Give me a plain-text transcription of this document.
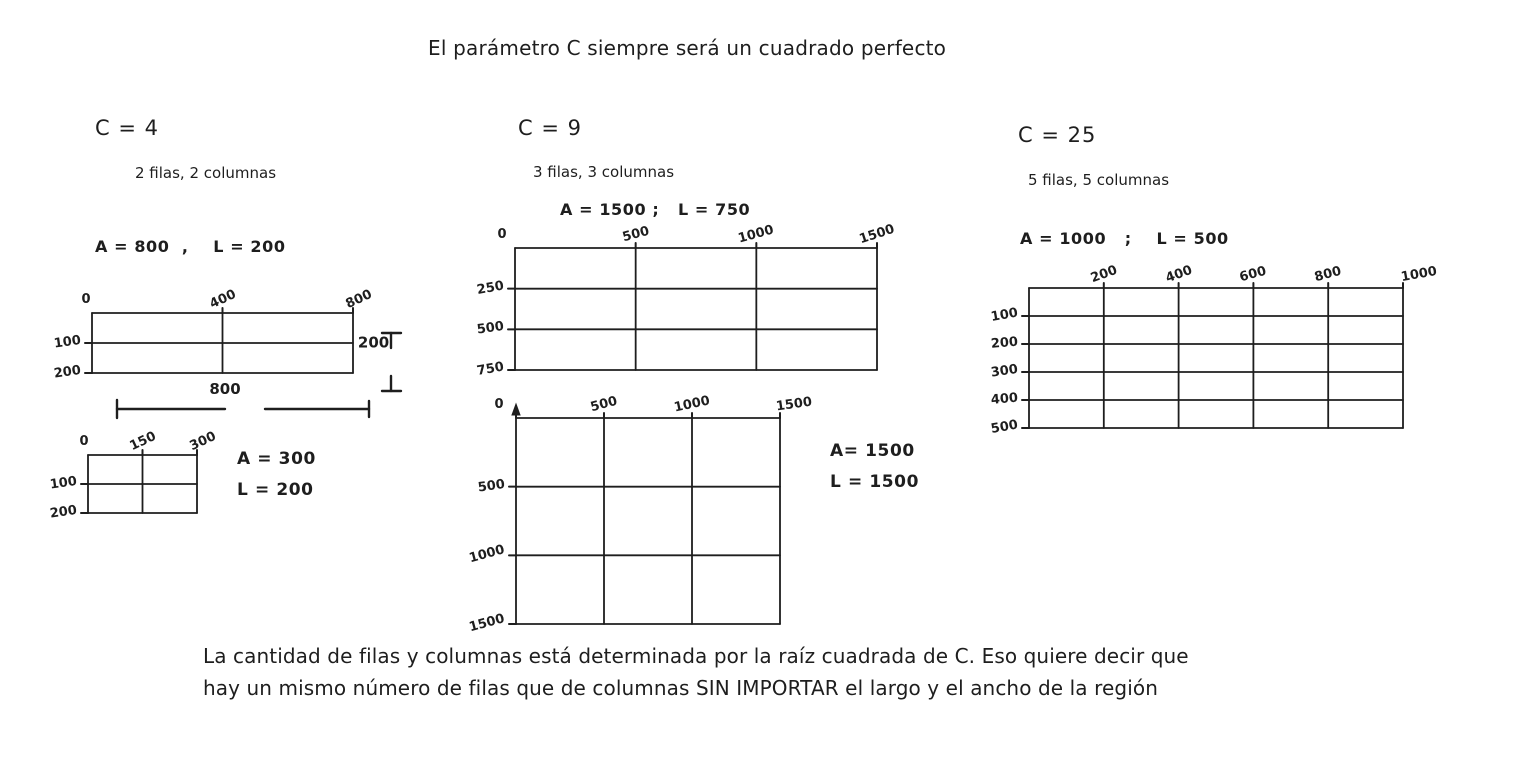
El parámetro C siempre será un cuadrado perfecto
C = 4
2 filas, 2 columnas
A = 800  ,    L = 200
0	400	800
100
200

200

800

0	150 300
100
200
A = 300
L = 200
C = 9
3 filas, 3 columnas
A = 1500 ;   L = 750
0	500	1000	1500
250
500
750
0	500	1000	1500
500
1000
1500
A= 1500
L = 1500
C = 25
5 filas, 5 columnas
A = 1000   ;    L = 500
200	400	600	800	1000
100
200
300
400
500
La cantidad de filas y columnas está determinada por la raíz cuadrada de C. Eso quiere decir que
hay un mismo número de filas que de columnas SIN IMPORTAR el largo y el ancho de la región
